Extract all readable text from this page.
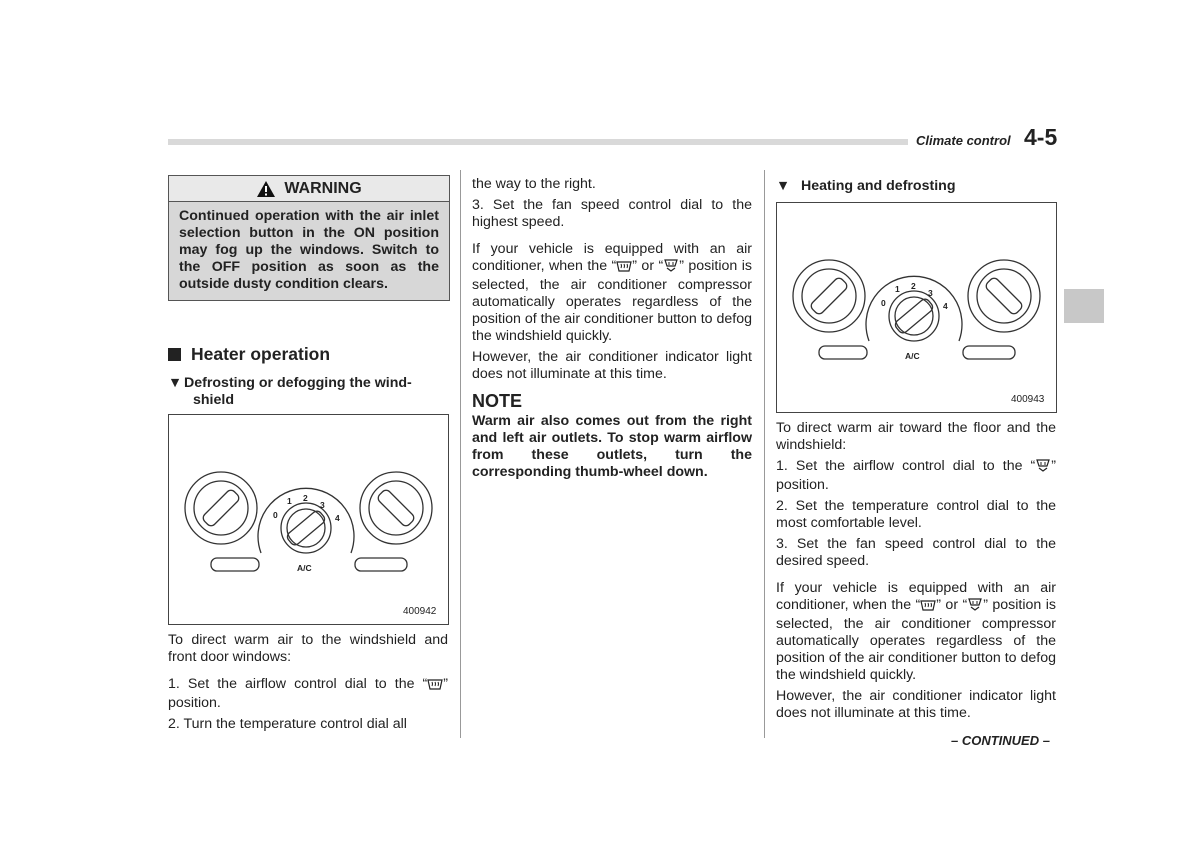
Climate control 4-5
WARNING
Continued operation with the air inlet selection button in the ON position may fog up the windows. Switch to the OFF position as soon as the outside dusty condition clears.
Heater operation
▼ Defrosting or defogging the wind-
shield
0
1 2
3
4
A/C
400942

To direct warm air to the windshield and front door windows:

1. Set the airflow control dial to the “ ” position.

2. Turn the temperature control dial all

the way to the right.

3. Set the fan speed control dial to the highest speed.

If your vehicle is equipped with an air conditioner, when the “ ” or “ ” position is selected, the air conditioner compressor automatically operates regardless of the position of the air conditioner button to defog the windshield quickly.

However, the air conditioner indicator light does not illuminate at this time.

NOTE

Warm air also comes out from the right and left air outlets. To stop warm airflow from these outlets, turn the corresponding thumb-wheel down.

▼ Heating and defrosting
0
1 2
3
4
A/C
400943

To direct warm air toward the floor and the windshield:

1. Set the airflow control dial to the “ ” position.

2. Set the temperature control dial to the most comfortable level.

3. Set the fan speed control dial to the desired speed.

If your vehicle is equipped with an air conditioner, when the “ ” or “ ” position is selected, the air conditioner compressor automatically operates regardless of the position of the air conditioner button to defog the windshield quickly.

However, the air conditioner indicator light does not illuminate at this time.

– CONTINUED –
